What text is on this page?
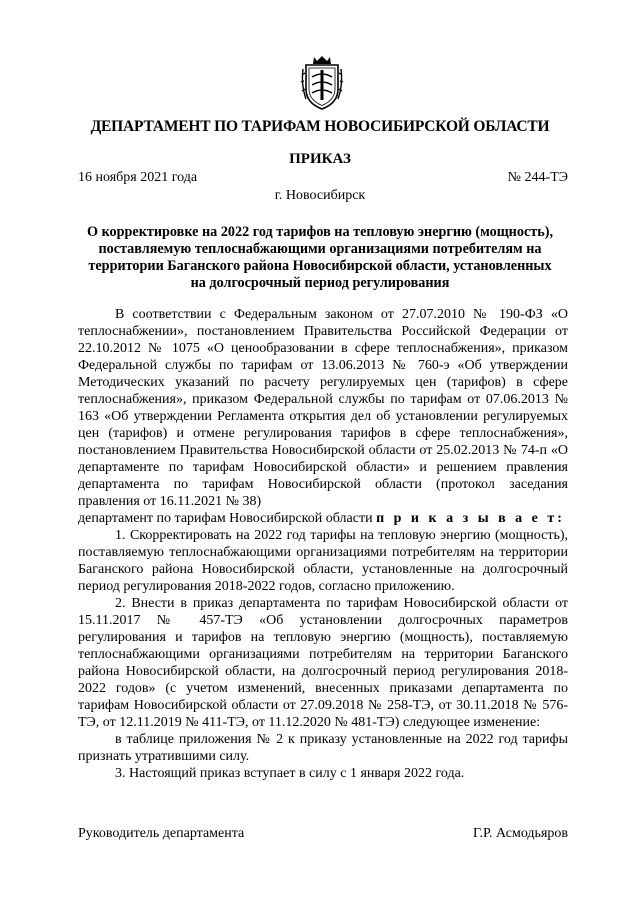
ДЕПАРТАМЕНТ ПО ТАРИФАМ НОВОСИБИРСКОЙ ОБЛАСТИ
ПРИКАЗ
16 ноября 2021 года	№ 244-ТЭ
г. Новосибирск
О корректировке на 2022 год тарифов на тепловую энергию (мощность), поставляемую теплоснабжающими организациями потребителям на территории Баганского района Новосибирской области, установленных на долгосрочный период регулирования

В соответствии с Федеральным законом от 27.07.2010 № 190-ФЗ «О теплоснабжении», постановлением Правительства Российской Федерации от 22.10.2012 № 1075 «О ценообразовании в сфере теплоснабжения», приказом Федеральной службы по тарифам от 13.06.2013 № 760-э «Об утверждении Методических указаний по расчету регулируемых цен (тарифов) в сфере теплоснабжения», приказом Федеральной службы по тарифам от 07.06.2013 № 163 «Об утверждении Регламента открытия дел об установлении регулируемых цен (тарифов) и отмене регулирования тарифов в сфере теплоснабжения», постановлением Правительства Новосибирской области от 25.02.2013 № 74-п «О департаменте по тарифам Новосибирской области» и решением правления департамента по тарифам Новосибирской области (протокол заседания правления от 16.11.2021 № 38)

департамент по тарифам Новосибирской области п р и к а з ы в а е т:

1. Скорректировать на 2022 год тарифы на тепловую энергию (мощность), поставляемую теплоснабжающими организациями потребителям на территории Баганского района Новосибирской области, установленные на долгосрочный период регулирования 2018-2022 годов, согласно приложению.

2. Внести в приказ департамента по тарифам Новосибирской области от 15.11.2017 № 457-ТЭ «Об установлении долгосрочных параметров регулирования и тарифов на тепловую энергию (мощность), поставляемую теплоснабжающими организациями потребителям на территории Баганского района Новосибирской области, на долгосрочный период регулирования 2018-2022 годов» (с учетом изменений, внесенных приказами департамента по тарифам Новосибирской области от 27.09.2018 № 258-ТЭ, от 30.11.2018 № 576-ТЭ, от 12.11.2019 № 411-ТЭ, от 11.12.2020 № 481-ТЭ) следующее изменение:

в таблице приложения № 2 к приказу установленные на 2022 год тарифы признать утратившими силу.

3. Настоящий приказ вступает в силу с 1 января 2022 года.

Руководитель департамента	Г.Р. Асмодьяров
